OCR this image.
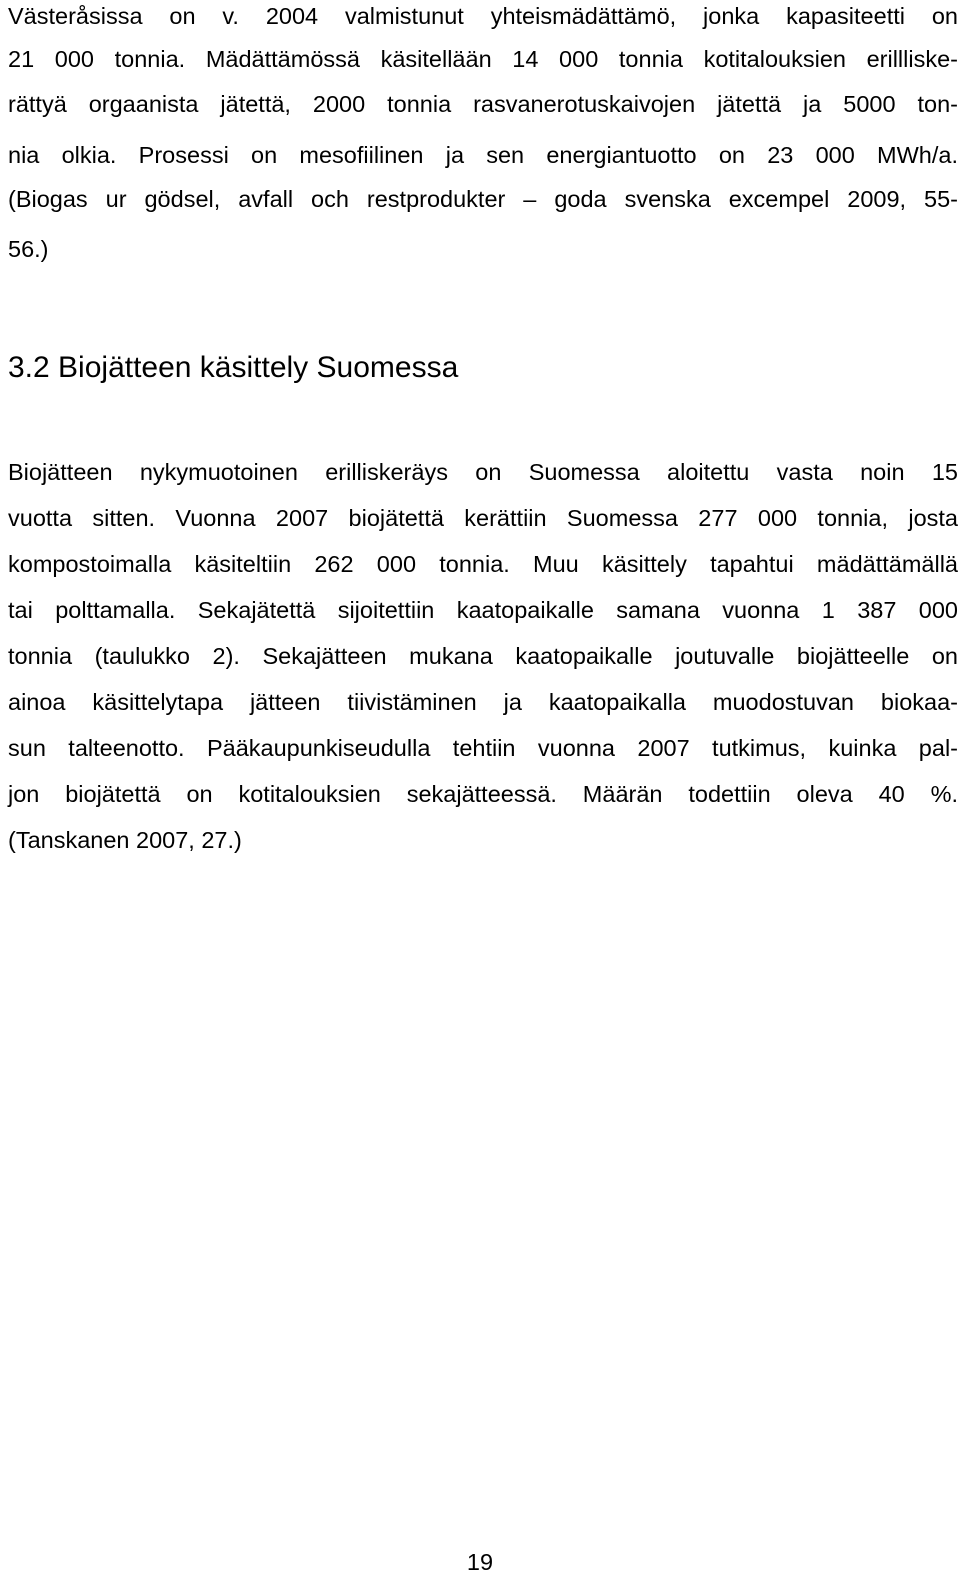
Västeråsissa on v. 2004 valmistunut yhteismädättämö, jonka kapasiteetti on
21 000 tonnia. Mädättämössä käsitellään 14 000 tonnia kotitalouksien erillliske-
rättyä orgaanista jätettä, 2000 tonnia rasvanerotuskaivojen jätettä ja 5000 ton-
nia olkia. Prosessi on mesofiilinen ja sen energiantuotto on 23 000 MWh/a.
(Biogas ur gödsel, avfall och restprodukter – goda svenska excempel 2009, 55-
56.)
3.2 Biojätteen käsittely Suomessa
Biojätteen nykymuotoinen erilliskeräys on Suomessa aloitettu vasta noin 15
vuotta sitten. Vuonna 2007 biojätettä kerättiin Suomessa 277 000 tonnia, josta
kompostoimalla käsiteltiin 262 000 tonnia. Muu käsittely tapahtui mädättämällä
tai polttamalla. Sekajätettä sijoitettiin kaatopaikalle samana vuonna 1 387 000
tonnia (taulukko 2). Sekajätteen mukana kaatopaikalle joutuvalle biojätteelle on
ainoa käsittelytapa jätteen tiivistäminen ja kaatopaikalla muodostuvan biokaa-
sun talteenotto. Pääkaupunkiseudulla tehtiin vuonna 2007 tutkimus, kuinka pal-
jon biojätettä on kotitalouksien sekajätteessä. Määrän todettiin oleva 40 %.
(Tanskanen 2007, 27.)
19
